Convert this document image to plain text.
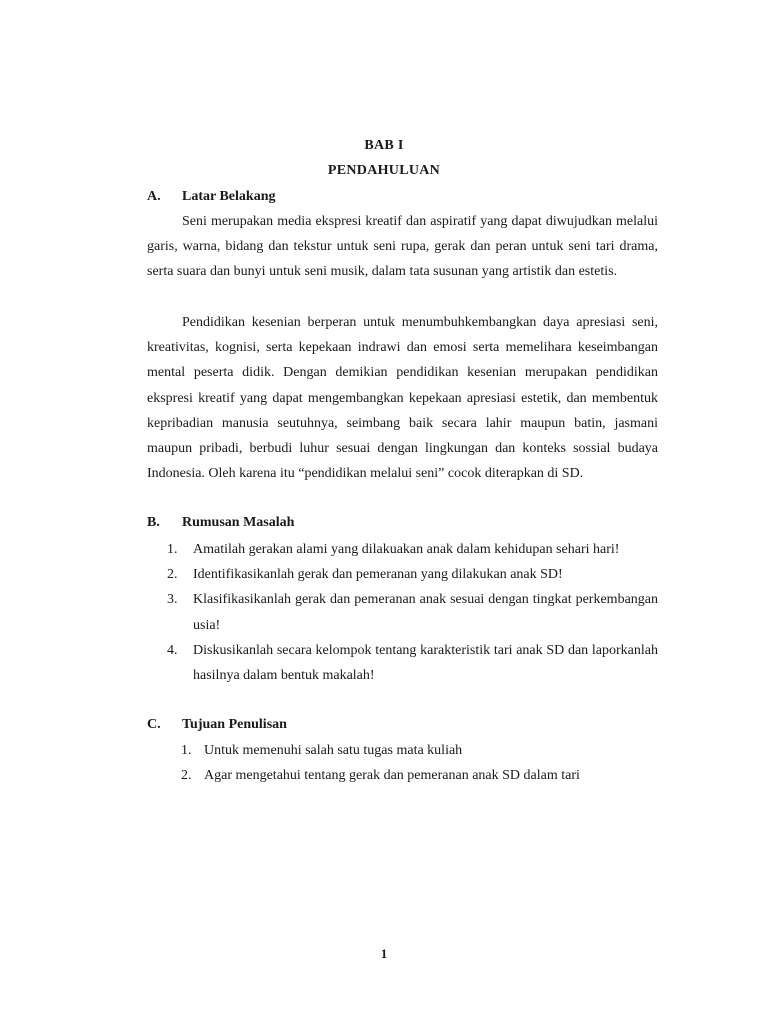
BAB I
PENDAHULUAN
A. Latar Belakang

Seni merupakan media ekspresi kreatif dan aspiratif yang dapat diwujudkan melalui garis, warna, bidang dan tekstur untuk seni rupa, gerak dan peran untuk seni tari drama, serta suara dan bunyi untuk seni musik, dalam tata susunan yang artistik dan estetis.

Pendidikan kesenian berperan untuk menumbuhkembangkan daya apresiasi seni, kreativitas, kognisi, serta kepekaan indrawi dan emosi serta memelihara keseimbangan mental peserta didik. Dengan demikian pendidikan kesenian merupakan pendidikan ekspresi kreatif yang dapat mengembangkan kepekaan apresiasi estetik, dan membentuk kepribadian manusia seutuhnya, seimbang baik secara lahir maupun batin, jasmani maupun pribadi, berbudi luhur sesuai dengan lingkungan dan konteks sossial budaya Indonesia. Oleh karena itu “pendidikan melalui seni” cocok diterapkan di SD.

B. Rumusan Masalah
1. Amatilah gerakan alami yang dilakuakan anak dalam kehidupan sehari hari!
2. Identifikasikanlah gerak dan pemeranan yang dilakukan anak SD!
3. Klasifikasikanlah gerak dan pemeranan anak sesuai dengan tingkat perkembangan usia!
4. Diskusikanlah secara kelompok tentang karakteristik tari anak SD dan laporkanlah hasilnya dalam bentuk makalah!
C. Tujuan Penulisan
1. Untuk memenuhi salah satu tugas mata kuliah
2. Agar mengetahui tentang gerak dan pemeranan anak SD dalam tari
1
